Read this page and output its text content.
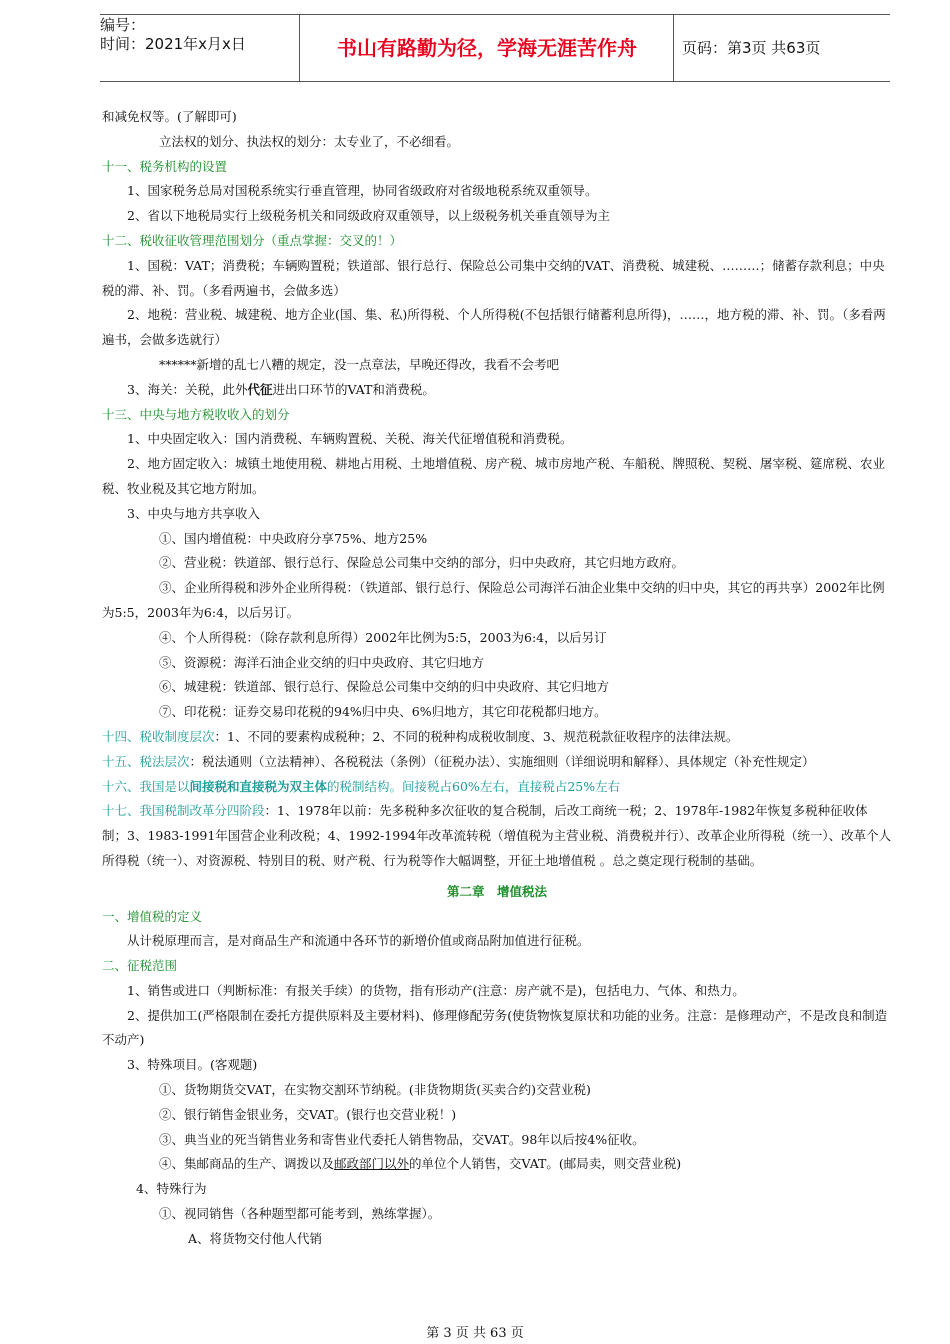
编号：
时间：2021年x月x日	书山有路勤为径，学海无涯苦作舟	页码：第3页 共63页

和减免权等。(了解即可)

立法权的划分、执法权的划分：太专业了，不必细看。

十一、税务机构的设置

1、国家税务总局对国税系统实行垂直管理，协同省级政府对省级地税系统双重领导。

2、省以下地税局实行上级税务机关和同级政府双重领导，以上级税务机关垂直领导为主

十二、税收征收管理范围划分（重点掌握：交叉的！）

1、国税：VAT；消费税；车辆购置税；铁道部、银行总行、保险总公司集中交纳的VAT、消费税、城建税、………；储蓄存款利息；中央税的滞、补、罚。（多看两遍书，会做多选）

2、地税：营业税、城建税、地方企业(国、集、私)所得税、个人所得税(不包括银行储蓄利息所得)，……，地方税的滞、补、罚。（多看两遍书，会做多选就行）

******新增的乱七八糟的规定，没一点章法，早晚还得改，我看不会考吧

3、海关：关税，此外代征进出口环节的VAT和消费税。

十三、中央与地方税收收入的划分

1、中央固定收入：国内消费税、车辆购置税、关税、海关代征增值税和消费税。

2、地方固定收入：城镇土地使用税、耕地占用税、土地增值税、房产税、城市房地产税、车船税、牌照税、契税、屠宰税、筵席税、农业税、牧业税及其它地方附加。

3、中央与地方共享收入

①、国内增值税：中央政府分享75%、地方25%

②、营业税：铁道部、银行总行、保险总公司集中交纳的部分，归中央政府，其它归地方政府。

③、企业所得税和涉外企业所得税：（铁道部、银行总行、保险总公司海洋石油企业集中交纳的归中央，其它的再共享）2002年比例为5:5，2003年为6:4，以后另订。

④、个人所得税：（除存款利息所得）2002年比例为5:5，2003为6:4，以后另订

⑤、资源税：海洋石油企业交纳的归中央政府、其它归地方

⑥、城建税：铁道部、银行总行、保险总公司集中交纳的归中央政府、其它归地方

⑦、印花税：证券交易印花税的94%归中央、6%归地方，其它印花税都归地方。

十四、税收制度层次：1、不同的要素构成税种；2、不同的税种构成税收制度、3、规范税款征收程序的法律法规。

十五、税法层次：税法通则（立法精神）、各税税法（条例）（征税办法）、实施细则（详细说明和解释）、具体规定（补充性规定）

十六、我国是以间接税和直接税为双主体的税制结构。间接税占60%左右，直接税占25%左右

十七、我国税制改革分四阶段：1、1978年以前：先多税种多次征收的复合税制，后改工商统一税；2、1978年-1982年恢复多税种征收体制；3、1983-1991年国营企业利改税；4、1992-1994年改革流转税（增值税为主营业税、消费税并行）、改革企业所得税（统一）、改革个人所得税（统一）、对资源税、特别目的税、财产税、行为税等作大幅调整，开征土地增值税 。总之奠定现行税制的基础。

第二章　增值税法

一、增值税的定义

从计税原理而言，是对商品生产和流通中各环节的新增价值或商品附加值进行征税。

二、征税范围

1、销售或进口（判断标准：有报关手续）的货物，指有形动产(注意：房产就不是)，包括电力、气体、和热力。

2、提供加工(严格限制在委托方提供原料及主要材料)、修理修配劳务(使货物恢复原状和功能的业务。注意：是修理动产，不是改良和制造不动产)

3、特殊项目。(客观题)

①、货物期货交VAT，在实物交割环节纳税。(非货物期货(买卖合约)交营业税)

②、银行销售金银业务，交VAT。(银行也交营业税！)

③、典当业的死当销售业务和寄售业代委托人销售物品，交VAT。98年以后按4%征收。

④、集邮商品的生产、调拨以及邮政部门以外的单位个人销售，交VAT。(邮局卖，则交营业税)

4、特殊行为

①、视同销售（各种题型都可能考到，熟练掌握）。

A、将货物交付他人代销

第 3 页 共 63 页
